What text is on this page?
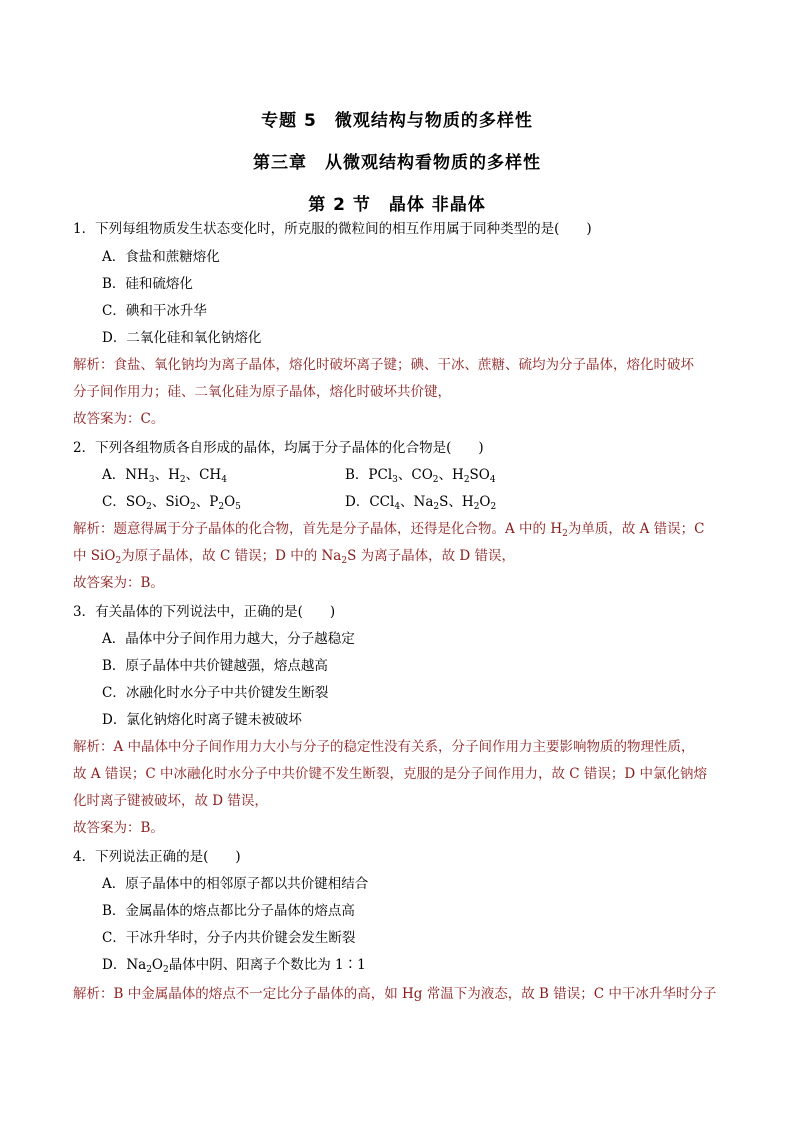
专题 5　微观结构与物质的多样性
第三章　从微观结构看物质的多样性
第 2 节　晶体 非晶体
1．下列每组物质发生状态变化时，所克服的微粒间的相互作用属于同种类型的是(　　)
A．食盐和蔗糖熔化
B．硅和硫熔化
C．碘和干冰升华
D．二氧化硅和氧化钠熔化
解析：食盐、氧化钠均为离子晶体，熔化时破坏离子键；碘、干冰、蔗糖、硫均为分子晶体，熔化时破坏
分子间作用力；硅、二氧化硅为原子晶体，熔化时破坏共价键，
故答案为：C。
2．下列各组物质各自形成的晶体，均属于分子晶体的化合物是(　　)
A．$NH_3$、$H_2$、$CH_4$	B．PCl$_3$、$CO_2$、$H_2SO_4$
C．$SO_2$、SiO$_2$、$P_2O_5$	D．CCl$_4$、$Na_2S$、$H_2O_2$
解析：题意得属于分子晶体的化合物，首先是分子晶体，还得是化合物。A 中的 $H_2$为单质，故 A 错误；C
中 SiO$_2$为原子晶体，故 C 错误；D 中的 $Na_2S$ 为离子晶体，故 D 错误，
故答案为：B。
3．有关晶体的下列说法中，正确的是(　　)
A．晶体中分子间作用力越大，分子越稳定
B．原子晶体中共价键越强，熔点越高
C．冰融化时水分子中共价键发生断裂
D．氯化钠熔化时离子键未被破坏
解析：A 中晶体中分子间作用力大小与分子的稳定性没有关系，分子间作用力主要影响物质的物理性质，
故 A 错误；C 中冰融化时水分子中共价键不发生断裂，克服的是分子间作用力，故 C 错误；D 中氯化钠熔
化时离子键被破坏，故 D 错误，
故答案为：B。
4．下列说法正确的是(　　)
A．原子晶体中的相邻原子都以共价键相结合
B．金属晶体的熔点都比分子晶体的熔点高
C．干冰升华时，分子内共价键会发生断裂
D．$Na_2O_2$晶体中阴、阳离子个数比为 1∶1
解析：B 中金属晶体的熔点不一定比分子晶体的高，如 Hg 常温下为液态，故 B 错误；C 中干冰升华时分子
